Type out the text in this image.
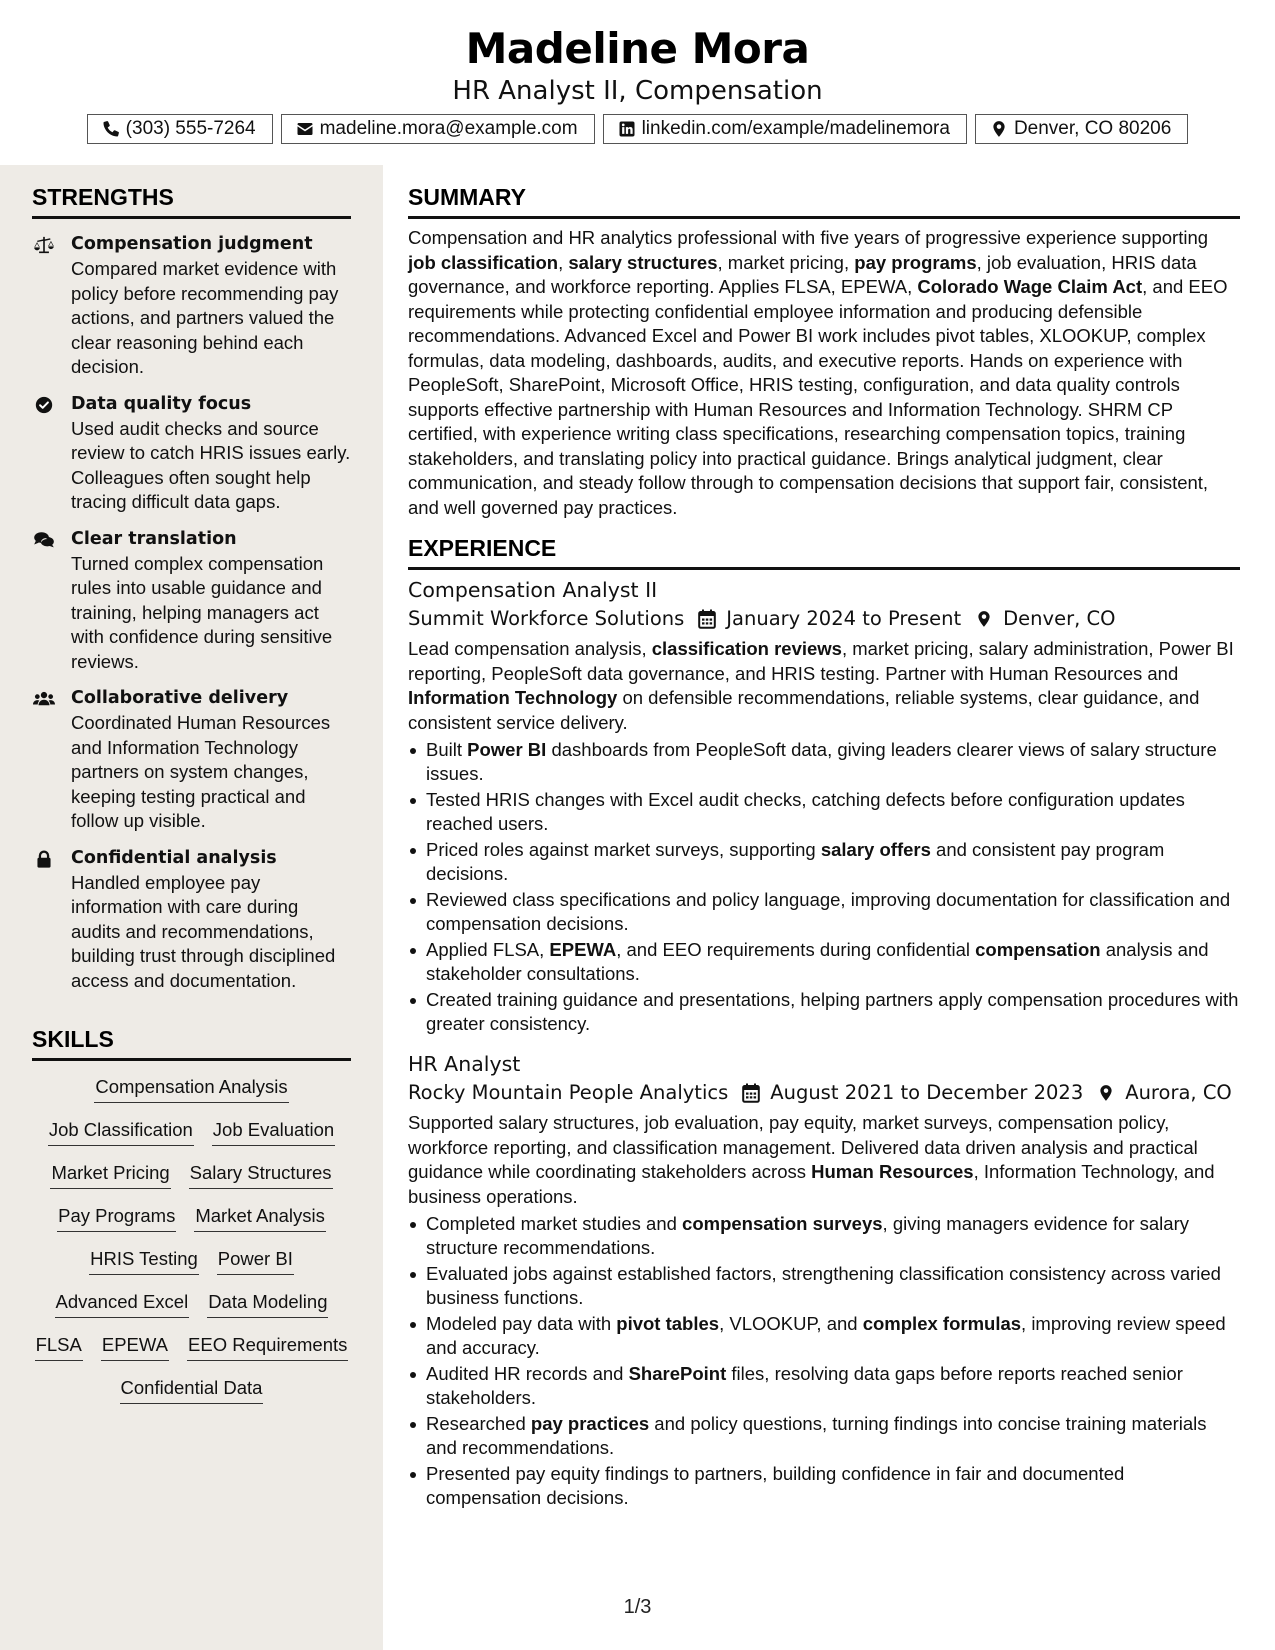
Madeline Mora
HR Analyst II, Compensation
(303) 555-7264	madeline.mora@example.com	linkedin.com/example/madelinemora	Denver, CO 80206
STRENGTHS
Compensation judgment
Compared market evidence with policy before recommending pay actions, and partners valued the clear reasoning behind each decision.
Data quality focus
Used audit checks and source review to catch HRIS issues early. Colleagues often sought help tracing difficult data gaps.
Clear translation
Turned complex compensation rules into usable guidance and training, helping managers act with confidence during sensitive reviews.
Collaborative delivery
Coordinated Human Resources and Information Technology partners on system changes, keeping testing practical and follow up visible.
Confidential analysis
Handled employee pay information with care during audits and recommendations, building trust through disciplined access and documentation.
SKILLS
Compensation Analysis
Job Classification Job Evaluation
Market Pricing Salary Structures
Pay Programs Market Analysis
HRIS Testing Power BI
Advanced Excel Data Modeling
FLSA EPEWA EEO Requirements
Confidential Data
SUMMARY

Compensation and HR analytics professional with five years of progressive experience supporting job classification, salary structures, market pricing, pay programs, job evaluation, HRIS data governance, and workforce reporting. Applies FLSA, EPEWA, Colorado Wage Claim Act, and EEO requirements while protecting confidential employee information and producing defensible recommendations. Advanced Excel and Power BI work includes pivot tables, XLOOKUP, complex formulas, data modeling, dashboards, audits, and executive reports. Hands on experience with PeopleSoft, SharePoint, Microsoft Office, HRIS testing, configuration, and data quality controls supports effective partnership with Human Resources and Information Technology. SHRM CP certified, with experience writing class specifications, researching compensation topics, training stakeholders, and translating policy into practical guidance. Brings analytical judgment, clear communication, and steady follow through to compensation decisions that support fair, consistent, and well governed pay practices.

EXPERIENCE
Compensation Analyst II
Summit Workforce Solutions January 2024 to Present Denver, CO

Lead compensation analysis, classification reviews, market pricing, salary administration, Power BI reporting, PeopleSoft data governance, and HRIS testing. Partner with Human Resources and Information Technology on defensible recommendations, reliable systems, clear guidance, and consistent service delivery.

Built Power BI dashboards from PeopleSoft data, giving leaders clearer views of salary structure issues.
Tested HRIS changes with Excel audit checks, catching defects before configuration updates reached users.
Priced roles against market surveys, supporting salary offers and consistent pay program decisions.
Reviewed class specifications and policy language, improving documentation for classification and compensation decisions.
Applied FLSA, EPEWA, and EEO requirements during confidential compensation analysis and stakeholder consultations.
Created training guidance and presentations, helping partners apply compensation procedures with greater consistency.
HR Analyst
Rocky Mountain People Analytics August 2021 to December 2023 Aurora, CO

Supported salary structures, job evaluation, pay equity, market surveys, compensation policy, workforce reporting, and classification management. Delivered data driven analysis and practical guidance while coordinating stakeholders across Human Resources, Information Technology, and business operations.

Completed market studies and compensation surveys, giving managers evidence for salary structure recommendations.
Evaluated jobs against established factors, strengthening classification consistency across varied business functions.
Modeled pay data with pivot tables, VLOOKUP, and complex formulas, improving review speed and accuracy.
Audited HR records and SharePoint files, resolving data gaps before reports reached senior stakeholders.
Researched pay practices and policy questions, turning findings into concise training materials and recommendations.
Presented pay equity findings to partners, building confidence in fair and documented compensation decisions.
1/3
